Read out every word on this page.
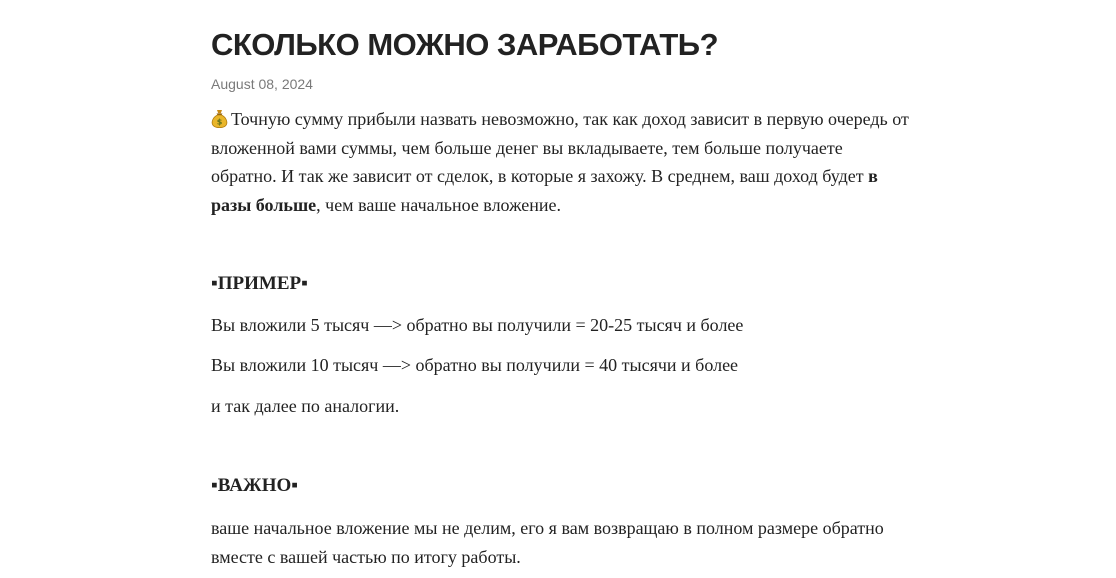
СКОЛЬКО МОЖНО ЗАРАБОТАТЬ?
August 08, 2024

$ Точную сумму прибыли назвать невозможно, так как доход зависит в первую очередь от вложенной вами суммы, чем больше денег вы вкладываете, тем больше получаете обратно. И так же зависит от сделок, в которые я захожу. В среднем, ваш доход будет в разы больше, чем ваше начальное вложение.

▪ПРИМЕР▪
Вы вложили 5 тысяч —> обратно вы получили = 20-25 тысяч и более
Вы вложили 10 тысяч —> обратно вы получили = 40 тысячи и более
и так далее по аналогии.
▪ВАЖНО▪

ваше начальное вложение мы не делим, его я вам возвращаю в полном размере обратно вместе с вашей частью по итогу работы.
